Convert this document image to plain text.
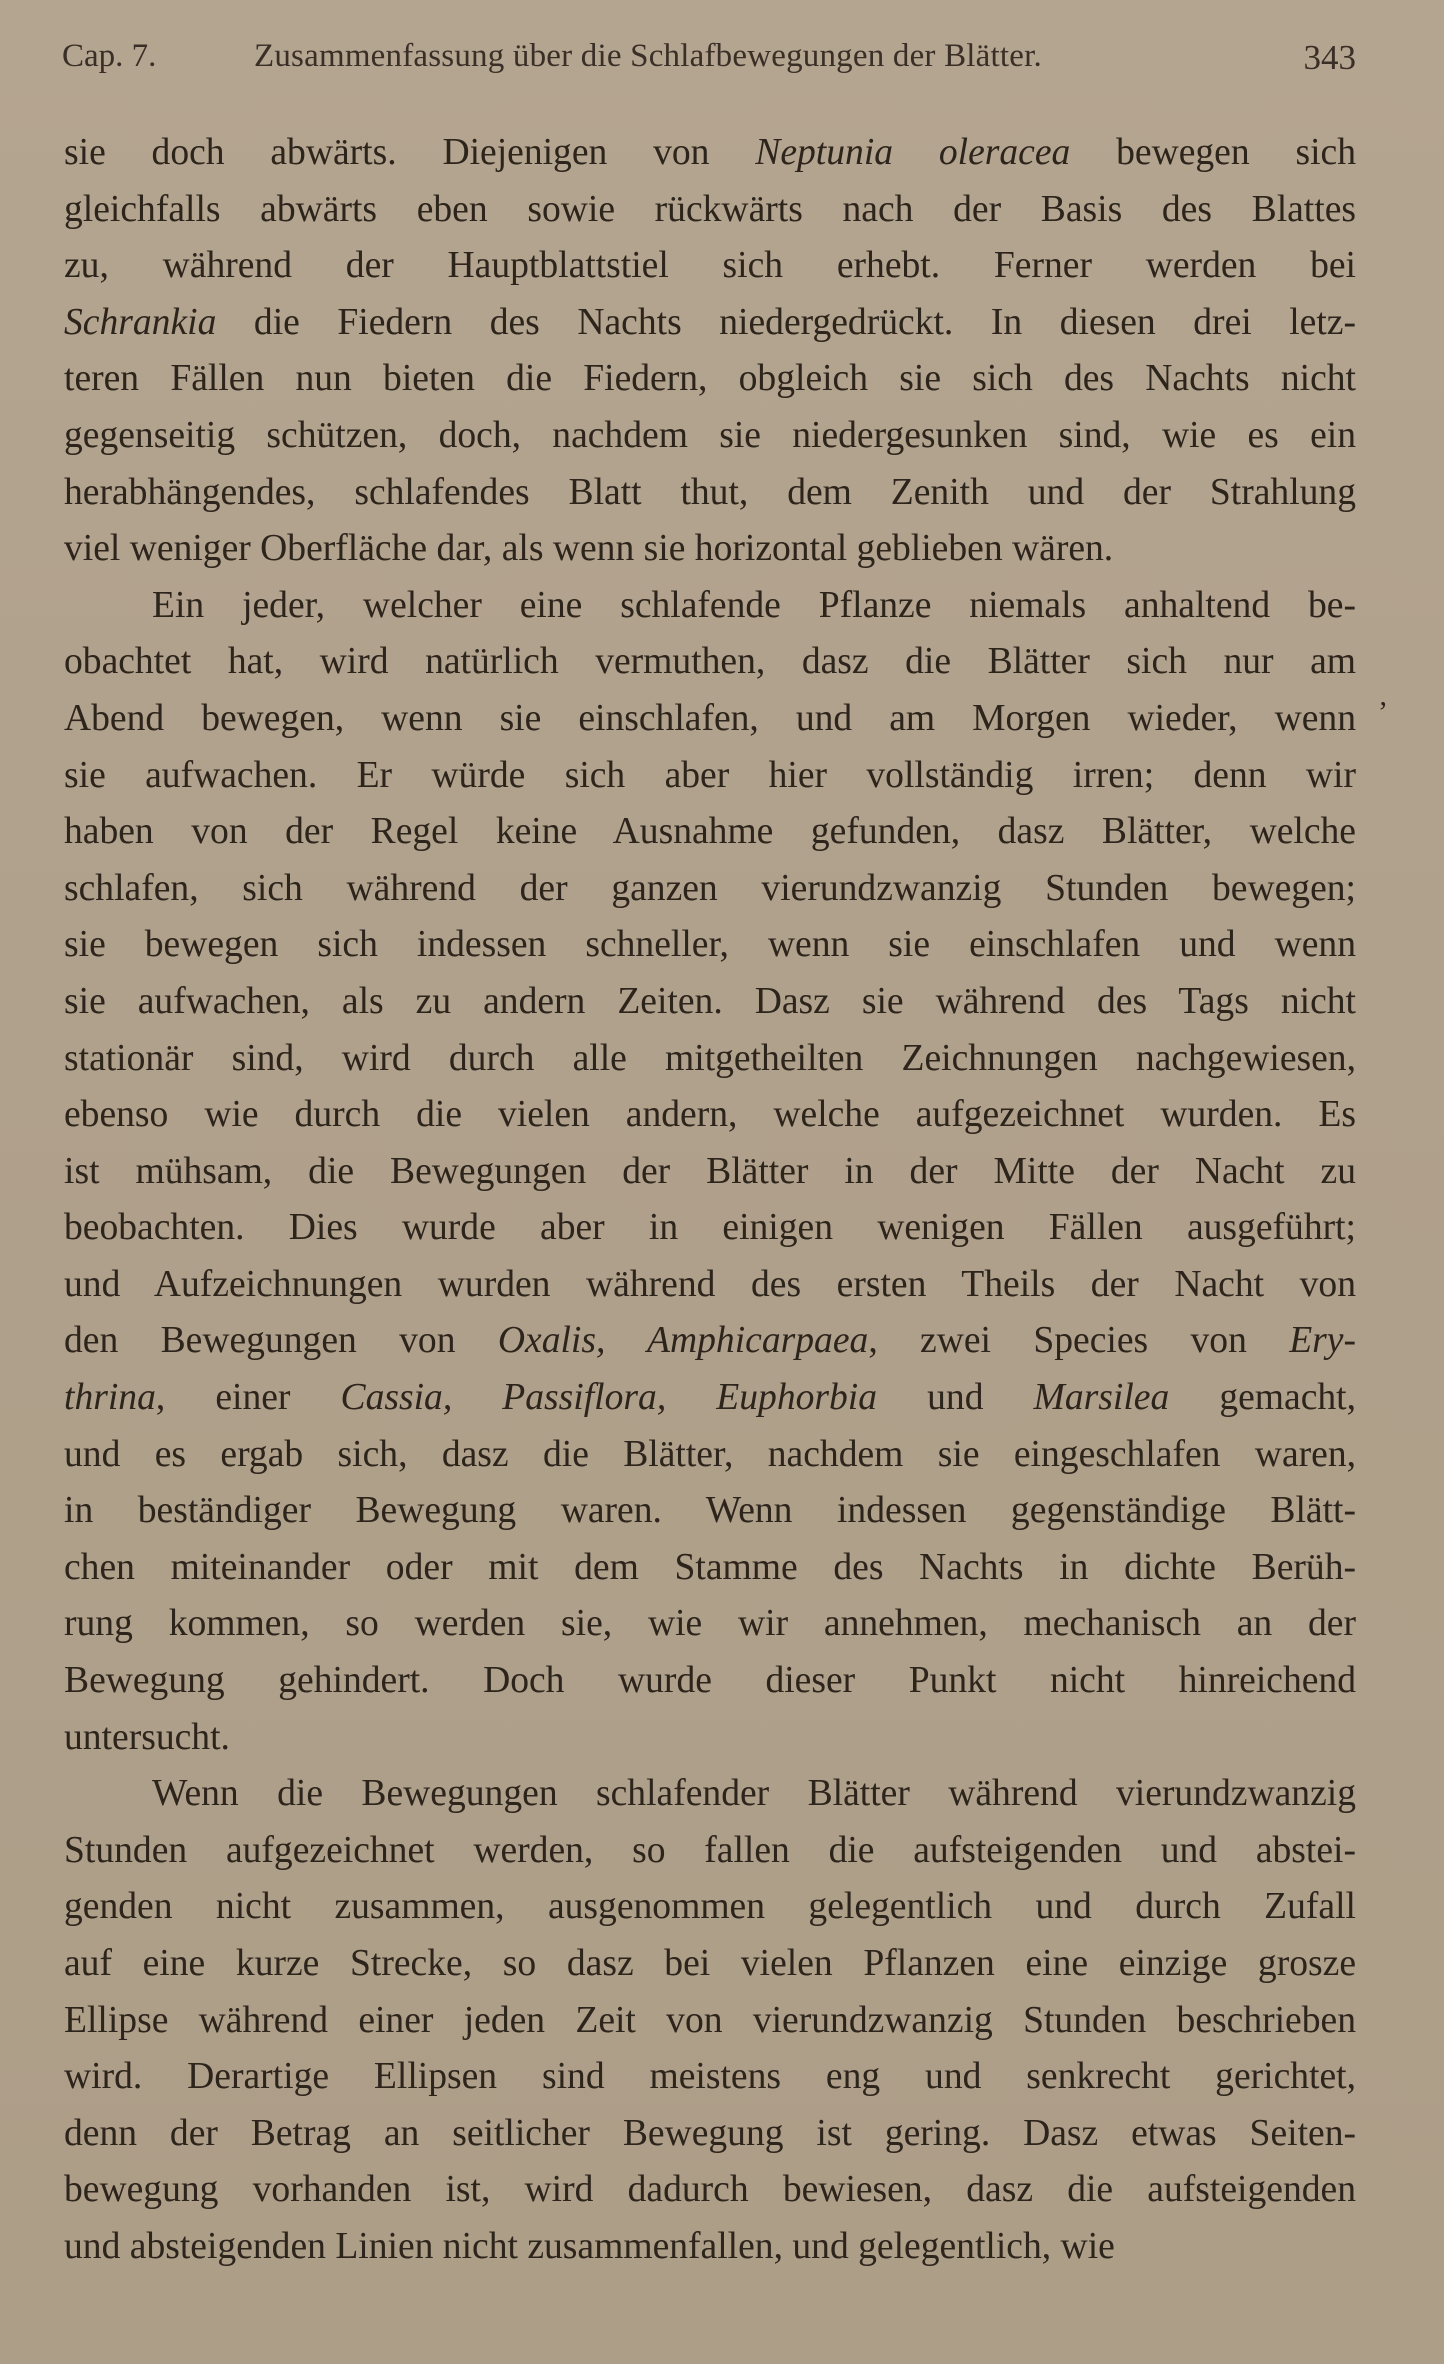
Cap. 7.	Zusammenfassung über die Schlafbewegungen der Blätter.	343
sie doch abwärts. Diejenigen von Neptunia oleracea bewegen sich
gleichfalls abwärts eben sowie rückwärts nach der Basis des Blattes
zu, während der Hauptblattstiel sich erhebt. Ferner werden bei
Schrankia die Fiedern des Nachts niedergedrückt. In diesen drei letz-
teren Fällen nun bieten die Fiedern, obgleich sie sich des Nachts nicht
gegenseitig schützen, doch, nachdem sie niedergesunken sind, wie es ein
herabhängendes, schlafendes Blatt thut, dem Zenith und der Strahlung
viel weniger Oberfläche dar, als wenn sie horizontal geblieben wären.
Ein jeder, welcher eine schlafende Pflanze niemals anhaltend be-
obachtet hat, wird natürlich vermuthen, dasz die Blätter sich nur am
Abend bewegen, wenn sie einschlafen, und am Morgen wieder, wenn
sie aufwachen. Er würde sich aber hier vollständig irren; denn wir
haben von der Regel keine Ausnahme gefunden, dasz Blätter, welche
schlafen, sich während der ganzen vierundzwanzig Stunden bewegen;
sie bewegen sich indessen schneller, wenn sie einschlafen und wenn
sie aufwachen, als zu andern Zeiten. Dasz sie während des Tags nicht
stationär sind, wird durch alle mitgetheilten Zeichnungen nachgewiesen,
ebenso wie durch die vielen andern, welche aufgezeichnet wurden. Es
ist mühsam, die Bewegungen der Blätter in der Mitte der Nacht zu
beobachten. Dies wurde aber in einigen wenigen Fällen ausgeführt;
und Aufzeichnungen wurden während des ersten Theils der Nacht von
den Bewegungen von Oxalis, Amphicarpaea, zwei Species von Ery-
thrina, einer Cassia, Passiflora, Euphorbia und Marsilea gemacht,
und es ergab sich, dasz die Blätter, nachdem sie eingeschlafen waren,
in beständiger Bewegung waren. Wenn indessen gegenständige Blätt-
chen miteinander oder mit dem Stamme des Nachts in dichte Berüh-
rung kommen, so werden sie, wie wir annehmen, mechanisch an der
Bewegung gehindert. Doch wurde dieser Punkt nicht hinreichend
untersucht.
Wenn die Bewegungen schlafender Blätter während vierundzwanzig
Stunden aufgezeichnet werden, so fallen die aufsteigenden und abstei-
genden nicht zusammen, ausgenommen gelegentlich und durch Zufall
auf eine kurze Strecke, so dasz bei vielen Pflanzen eine einzige grosze
Ellipse während einer jeden Zeit von vierundzwanzig Stunden beschrieben
wird. Derartige Ellipsen sind meistens eng und senkrecht gerichtet,
denn der Betrag an seitlicher Bewegung ist gering. Dasz etwas Seiten-
bewegung vorhanden ist, wird dadurch bewiesen, dasz die aufsteigenden
und absteigenden Linien nicht zusammenfallen, und gelegentlich, wie
ʼ
